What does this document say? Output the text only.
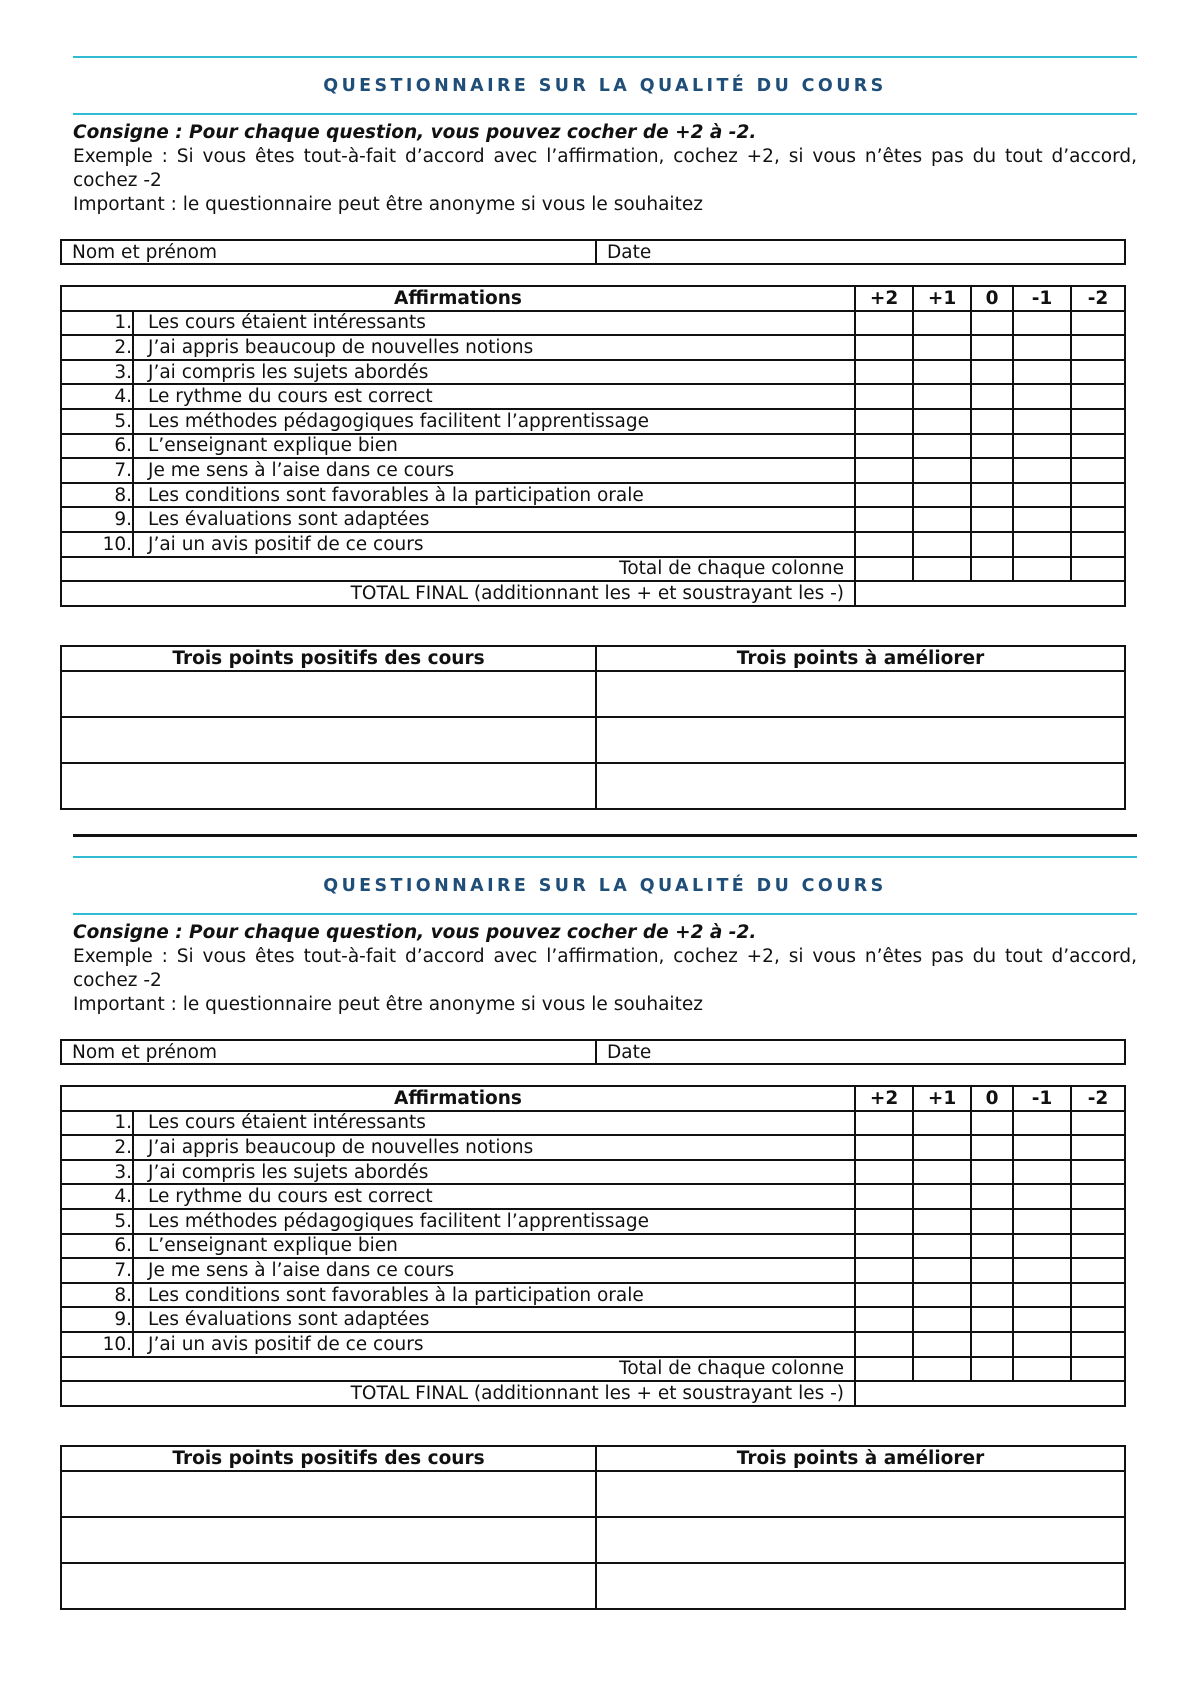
QUESTIONNAIRE SUR LA QUALITÉ DU COURS
Consigne : Pour chaque question, vous pouvez cocher de +2 à -2.
Exemple : Si vous êtes tout-à-fait d’accord avec l’affirmation, cochez +2, si vous n’êtes pas du tout d’accord, cochez -2
Important : le questionnaire peut être anonyme si vous le souhaitez
Nom et prénom	Date
Affirmations		+2	+1	0	-1	-2
1.	Les cours étaient intéressants					
2.	J’ai appris beaucoup de nouvelles notions					
3.	J’ai compris les sujets abordés					
4.	Le rythme du cours est correct					
5.	Les méthodes pédagogiques facilitent l’apprentissage					
6.	L’enseignant explique bien					
7.	Je me sens à l’aise dans ce cours					
8.	Les conditions sont favorables à la participation orale					
9.	Les évaluations sont adaptées					
10.	J’ai un avis positif de ce cours					
Total de chaque colonne						
TOTAL FINAL (additionnant les + et soustrayant les -)						
Trois points positifs des cours	Trois points à améliorer

QUESTIONNAIRE SUR LA QUALITÉ DU COURS
Consigne : Pour chaque question, vous pouvez cocher de +2 à -2.
Exemple : Si vous êtes tout-à-fait d’accord avec l’affirmation, cochez +2, si vous n’êtes pas du tout d’accord, cochez -2
Important : le questionnaire peut être anonyme si vous le souhaitez
Nom et prénom	Date
Affirmations		+2	+1	0	-1	-2
1.	Les cours étaient intéressants					
2.	J’ai appris beaucoup de nouvelles notions					
3.	J’ai compris les sujets abordés					
4.	Le rythme du cours est correct					
5.	Les méthodes pédagogiques facilitent l’apprentissage					
6.	L’enseignant explique bien					
7.	Je me sens à l’aise dans ce cours					
8.	Les conditions sont favorables à la participation orale					
9.	Les évaluations sont adaptées					
10.	J’ai un avis positif de ce cours					
Total de chaque colonne						
TOTAL FINAL (additionnant les + et soustrayant les -)						
Trois points positifs des cours	Trois points à améliorer
